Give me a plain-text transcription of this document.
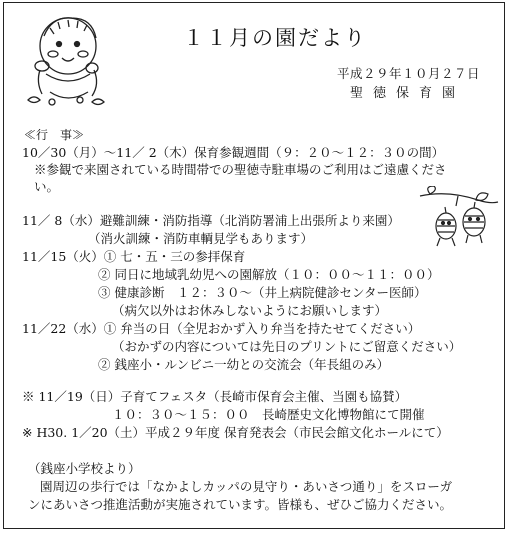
１１月の園だより
平成２９年１０月２７日
聖徳保育園
≪行　事≫
10／30（月）～11／ 2（木）保育参観週間（９：２０～１２：３０の間）
※参観で来園されている時間帯での聖徳寺駐車場のご利用はご遠慮くださ
い。
11／ 8（水）避難訓練・消防指導（北消防署浦上出張所より来園）
（消火訓練・消防車輌見学もあります）
11／15（火）① 七・五・三の参拝保育
② 同日に地域乳幼児への園解放（１０：００～１１：００）
③ 健康診断　１２：３０～（井上病院健診センター医師）
（病欠以外はお休みしないようにお願いします）
11／22（水）① 弁当の日（全児おかず入り弁当を持たせてください）
（おかずの内容については先日のプリントにご留意ください）
② 銭座小・ルンビニ一幼との交流会（年長組のみ）
※ 11／19（日）子育てフェスタ（長崎市保育会主催、当園も協賛）
１０：３０～１５：００　長崎歴史文化博物館にて開催
※ H30. 1／20（土）平成２９年度 保育発表会（市民会館文化ホールにて）
（銭座小学校より）
園周辺の歩行では「なかよしカッパの見守り・あいさつ通り」をスローガ
ンにあいさつ推進活動が実施されています。皆様も、ぜひご協力ください。
